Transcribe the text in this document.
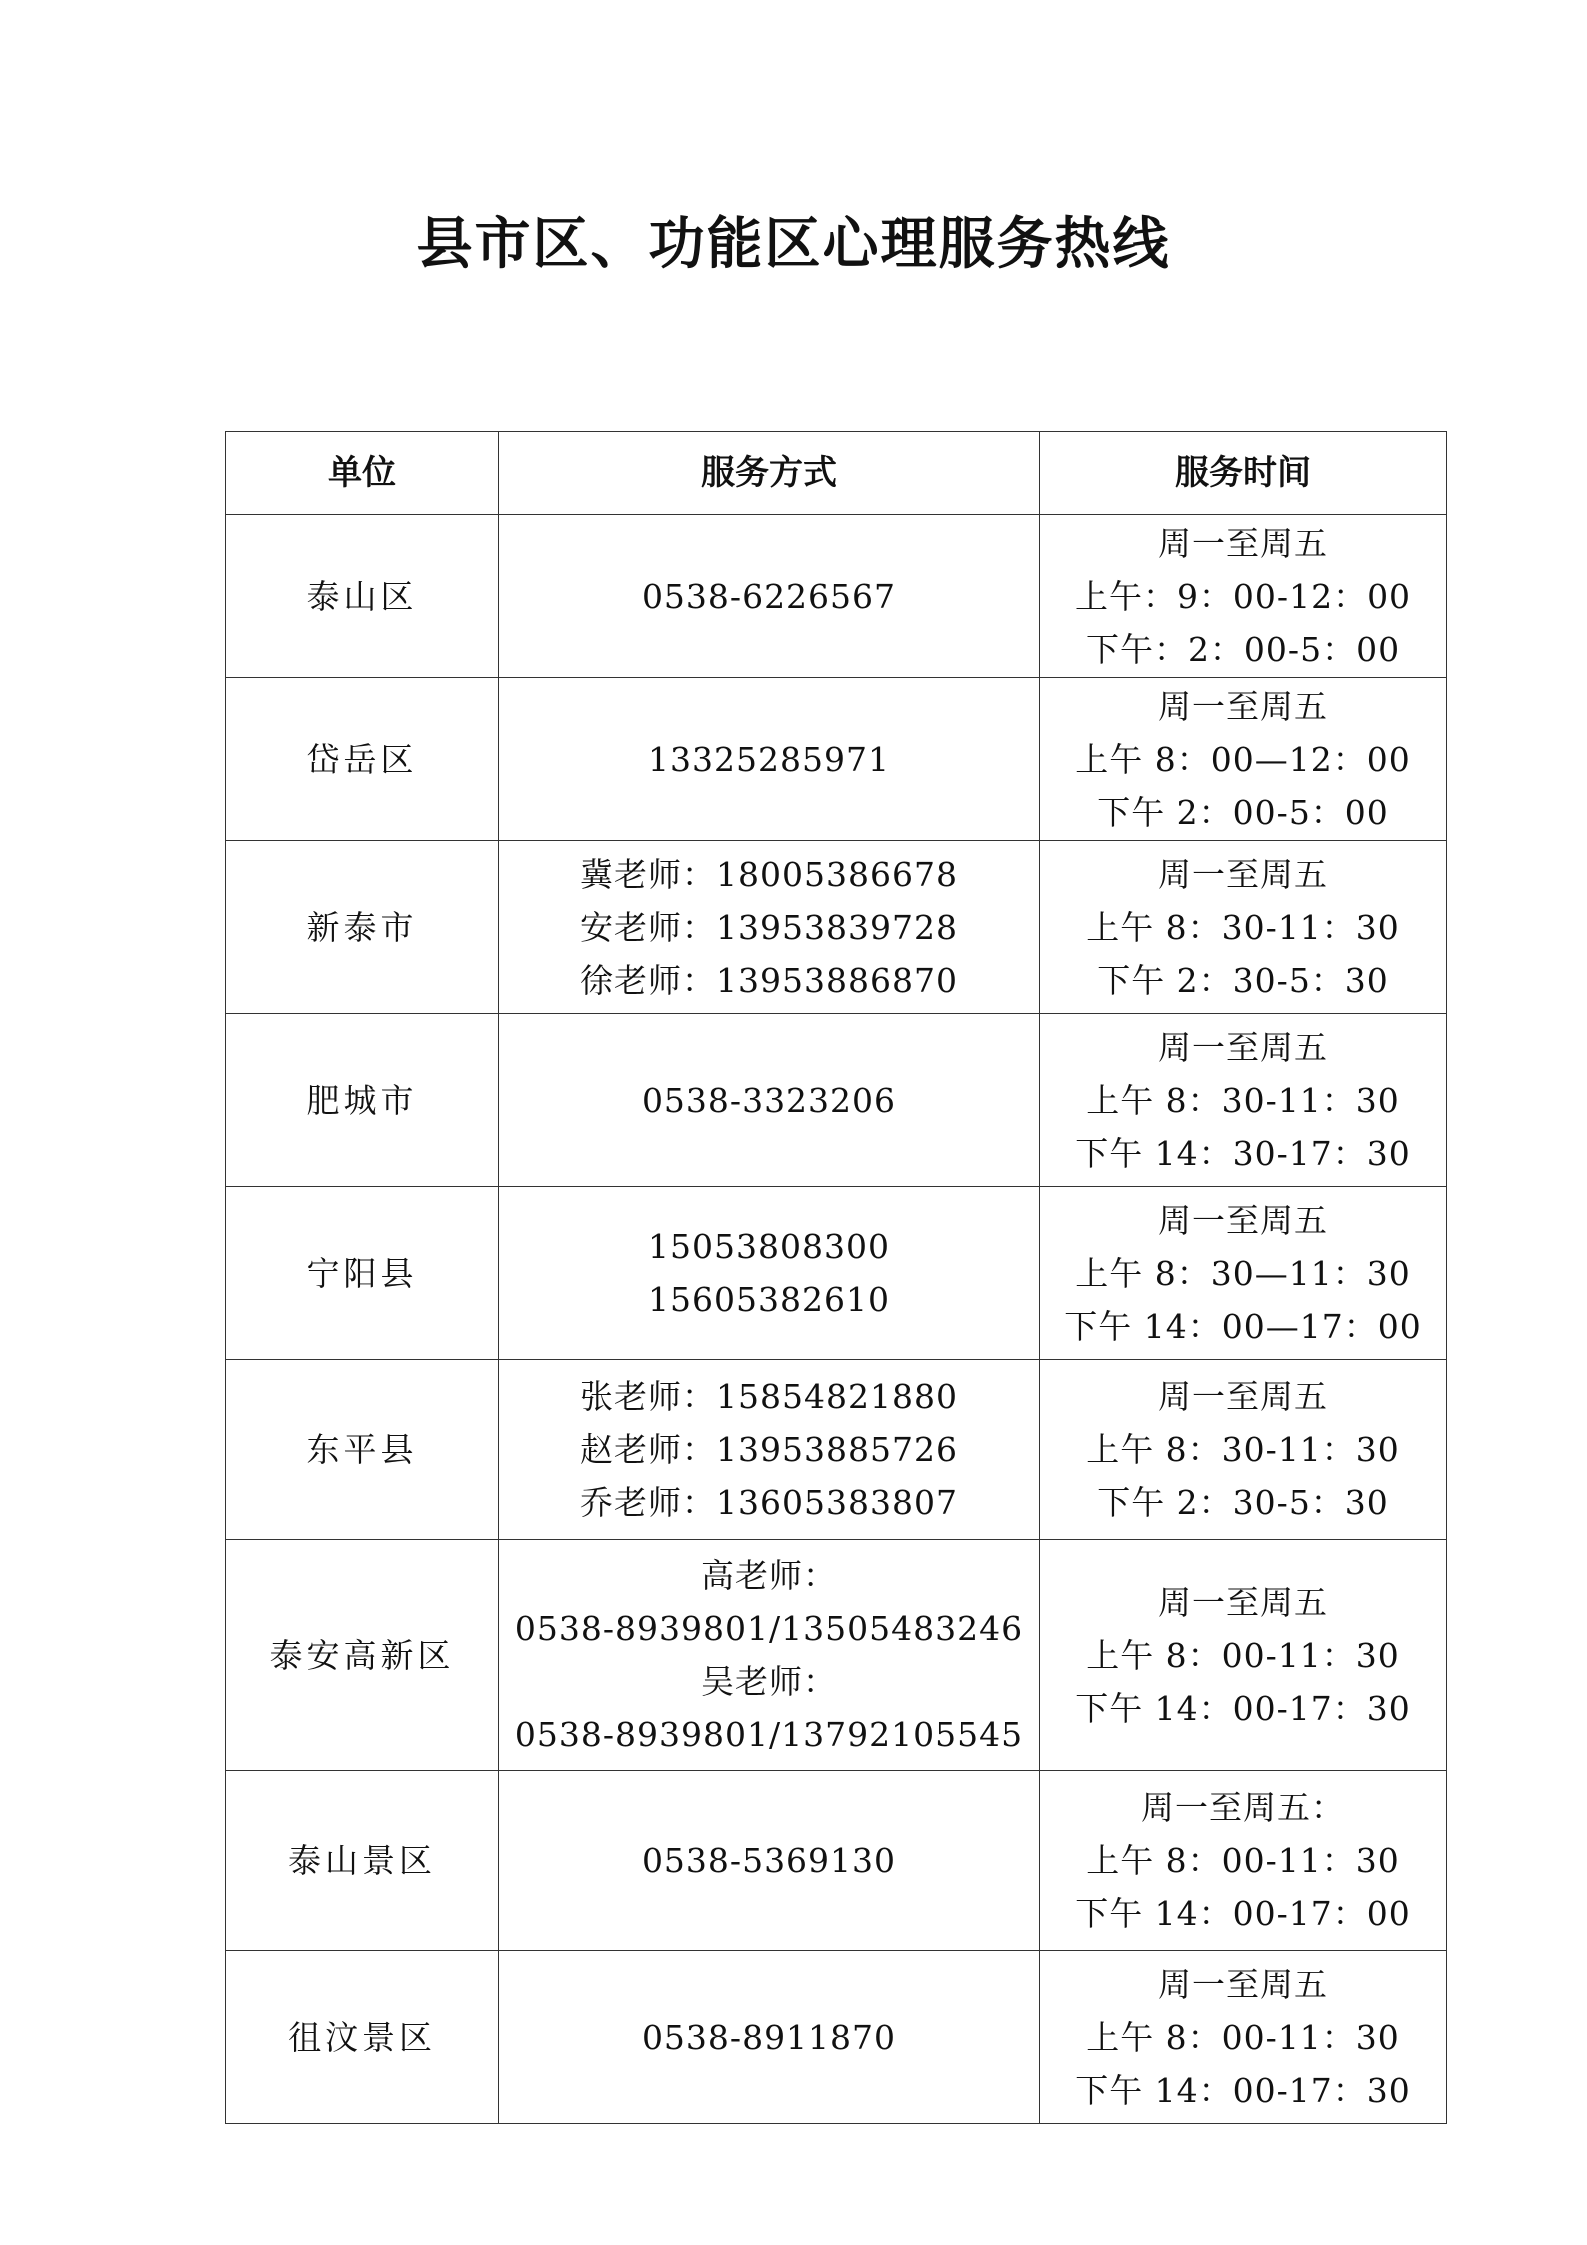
县市区、功能区心理服务热线
单位	服务方式	服务时间
泰山区	0538-6226567	周一至周五
上午：9：00-12：00
下午：2：00-5：00

岱岳区	13325285971	周一至周五
上午 8：00—12：00
下午 2：00-5：00

新泰市	冀老师：18005386678
安老师：13953839728
徐老师：13953886870	周一至周五
上午 8：30-11：30
下午 2：30-5：30

肥城市	0538-3323206	周一至周五
上午 8：30-11：30
下午 14：30-17：30

宁阳县	15053808300
15605382610	周一至周五
上午 8：30—11：30
下午 14：00—17：00

东平县	张老师：15854821880
赵老师：13953885726
乔老师：13605383807	周一至周五
上午 8：30-11：30
下午 2：30-5：30

泰安高新区	高老师：
0538-8939801/13505483246
吴老师：
0538-8939801/13792105545	周一至周五
上午 8：00-11：30
下午 14：00-17：30

泰山景区	0538-5369130	周一至周五：
上午 8：00-11：30
下午 14：00-17：00

徂汶景区	0538-8911870	周一至周五
上午 8：00-11：30
下午 14：00-17：30
